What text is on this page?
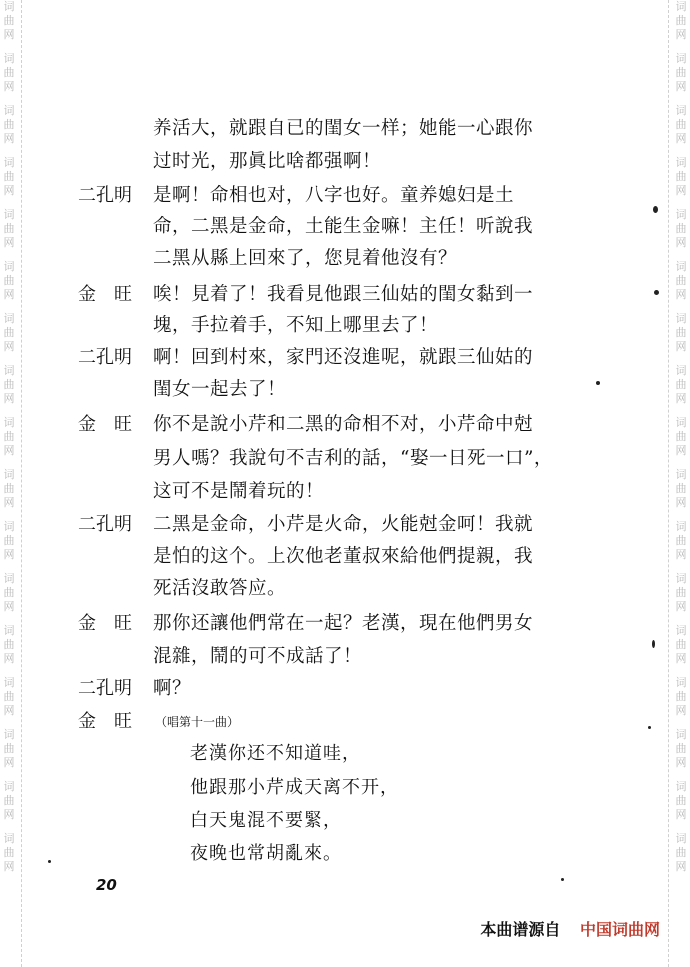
词
曲
网
词
曲
网
词
曲
网
词
曲
网
词
曲
网
词
曲
网
词
曲
网
词
曲
网
词
曲
网
词
曲
网
词
曲
网
词
曲
网
词
曲
网
词
曲
网
词
曲
网
词
曲
网
词
曲
网
词
曲
网
词
曲
网
词
曲
网
词
曲
网
词
曲
网
词
曲
网
词
曲
网
词
曲
网
词
曲
网
词
曲
网
词
曲
网
词
曲
网
词
曲
网
词
曲
网
词
曲
网
词
曲
网
词
曲
网
养活大，就跟自已的閨女一样；她能一心跟你
过时光，那眞比啥都强啊！
二孔明 是啊！命相也对，八字也好。童养媳妇是土
命，二黑是金命，土能生金嘛！主任！听說我
二黑从縣上回來了，您見着他沒有？
金　旺 唉！見着了！我看見他跟三仙姑的閨女黏到一
塊，手拉着手，不知上哪里去了！
二孔明 啊！回到村來，家門还沒進呢，就跟三仙姑的
閨女一起去了！
金　旺 你不是說小芹和二黑的命相不对，小芹命中尅
男人嗎？我說句不吉利的話，“娶一日死一口”，
这可不是鬧着玩的！
二孔明 二黑是金命，小芹是火命，火能尅金呵！我就
是怕的这个。上次他老董叔來給他們提親，我
死活沒敢答应。
金　旺 那你还讓他們常在一起？老漢，現在他們男女
混雜，鬧的可不成話了！
二孔明 啊？
金　旺 （唱第十一曲）
老漢你还不知道哇，
他跟那小芹成天离不开，
白天鬼混不要緊，
夜晚也常胡亂來。
20
本曲谱源自 中国词曲网
